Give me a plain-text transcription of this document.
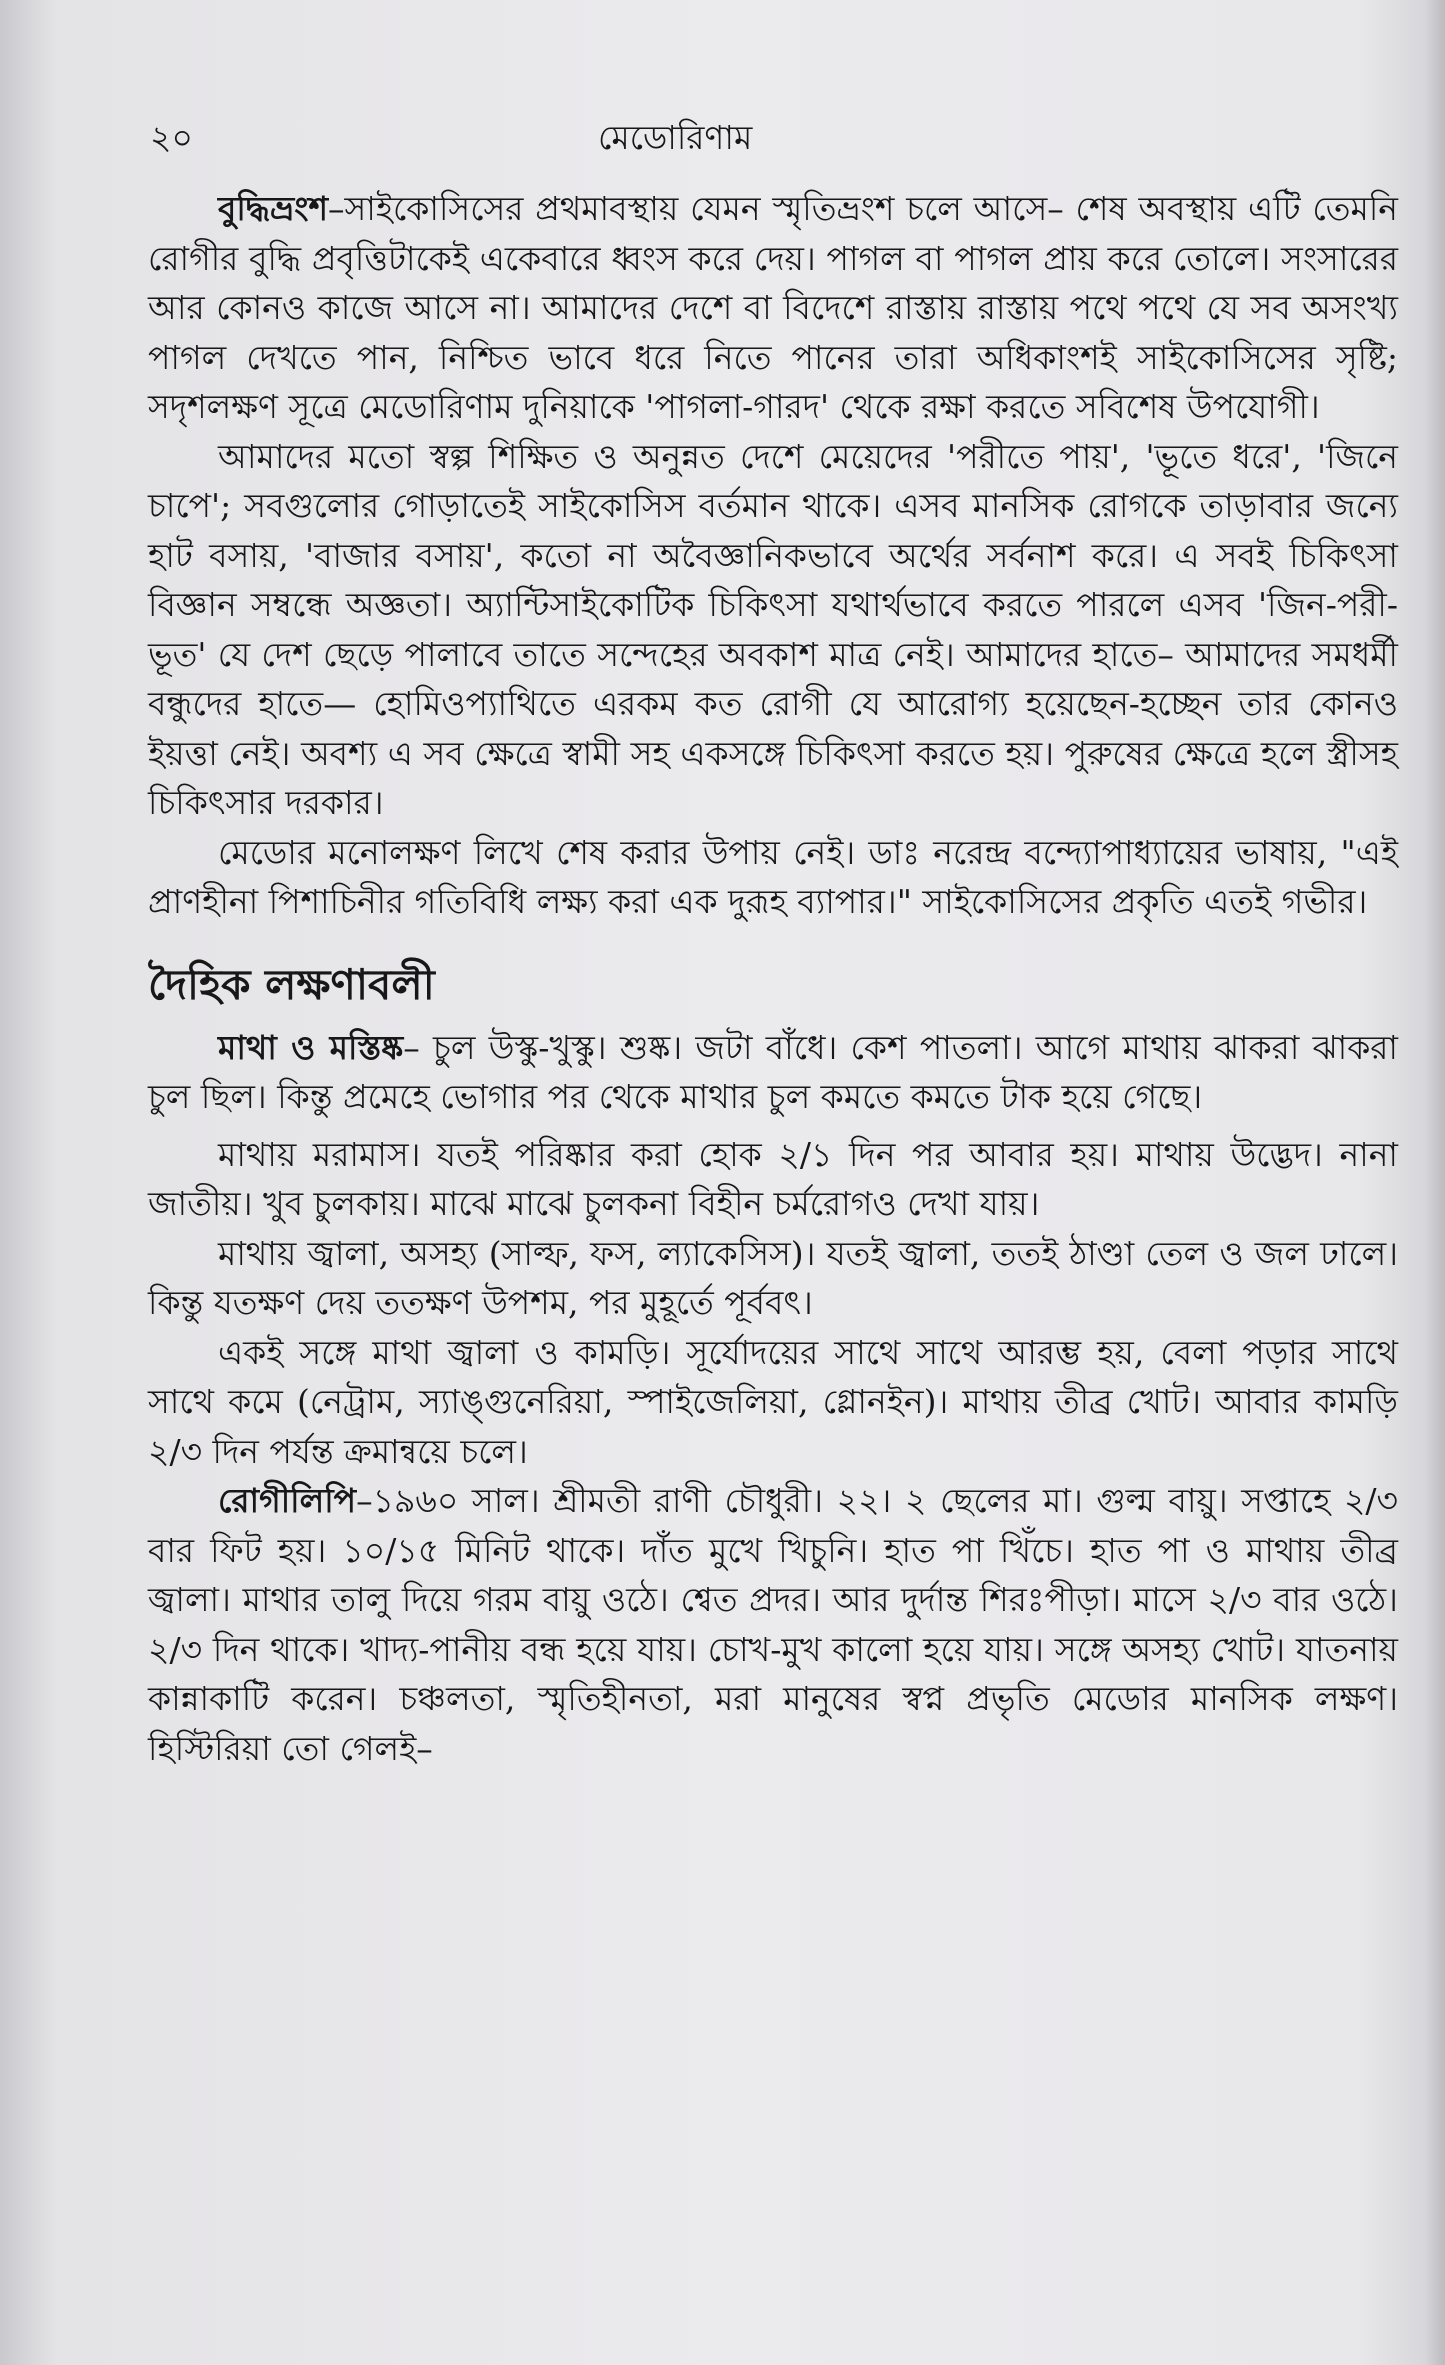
২০	মেডোরিণাম

বুদ্ধিভ্রংশ–সাইকোসিসের প্রথমাবস্থায় যেমন স্মৃতিভ্রংশ চলে আসে– শেষ অবস্থায় এটি তেমনি রোগীর বুদ্ধি প্রবৃত্তিটাকেই একেবারে ধ্বংস করে দেয়। পাগল বা পাগল প্রায় করে তোলে। সংসারের আর কোনও কাজে আসে না। আমাদের দেশে বা বিদেশে রাস্তায় রাস্তায় পথে পথে যে সব অসংখ্য পাগল দেখতে পান, নিশ্চিত ভাবে ধরে নিতে পানের তারা অধিকাংশই সাইকোসিসের সৃষ্টি; সদৃশলক্ষণ সূত্রে মেডোরিণাম দুনিয়াকে 'পাগলা-গারদ' থেকে রক্ষা করতে সবিশেষ উপযোগী।

আমাদের মতো স্বল্প শিক্ষিত ও অনুন্নত দেশে মেয়েদের 'পরীতে পায়', 'ভূতে ধরে', 'জিনে চাপে'; সবগুলোর গোড়াতেই সাইকোসিস বর্তমান থাকে। এসব মানসিক রোগকে তাড়াবার জন্যে হাট বসায়, 'বাজার বসায়', কতো না অবৈজ্ঞানিকভাবে অর্থের সর্বনাশ করে। এ সবই চিকিৎসা বিজ্ঞান সম্বন্ধে অজ্ঞতা। অ্যান্টিসাইকোটিক চিকিৎসা যথার্থভাবে করতে পারলে এসব 'জিন-পরী-ভূত' যে দেশ ছেড়ে পালাবে তাতে সন্দেহের অবকাশ মাত্র নেই। আমাদের হাতে– আমাদের সমধর্মী বন্ধুদের হাতে— হোমিওপ্যাথিতে এরকম কত রোগী যে আরোগ্য হয়েছেন-হচ্ছেন তার কোনও ইয়ত্তা নেই। অবশ্য এ সব ক্ষেত্রে স্বামী সহ একসঙ্গে চিকিৎসা করতে হয়। পুরুষের ক্ষেত্রে হলে স্ত্রীসহ চিকিৎসার দরকার।

মেডোর মনোলক্ষণ লিখে শেষ করার উপায় নেই। ডাঃ নরেন্দ্র বন্দ্যোপাধ্যায়ের ভাষায়, "এই প্রাণহীনা পিশাচিনীর গতিবিধি লক্ষ্য করা এক দুরূহ ব্যাপার।" সাইকোসিসের প্রকৃতি এতই গভীর।

দৈহিক লক্ষণাবলী

মাথা ও মস্তিষ্ক– চুল উস্কু-খুস্কু। শুষ্ক। জটা বাঁধে। কেশ পাতলা। আগে মাথায় ঝাকরা ঝাকরা চুল ছিল। কিন্তু প্রমেহে ভোগার পর থেকে মাথার চুল কমতে কমতে টাক হয়ে গেছে।

মাথায় মরামাস। যতই পরিষ্কার করা হোক ২/১ দিন পর আবার হয়। মাথায় উদ্ভেদ। নানা জাতীয়। খুব চুলকায়। মাঝে মাঝে চুলকনা বিহীন চর্মরোগও দেখা যায়।

মাথায় জ্বালা, অসহ্য (সাল্ফ, ফস, ল্যাকেসিস)। যতই জ্বালা, ততই ঠাণ্ডা তেল ও জল ঢালে। কিন্তু যতক্ষণ দেয় ততক্ষণ উপশম, পর মুহূর্তে পূর্ববৎ।

একই সঙ্গে মাথা জ্বালা ও কামড়ি। সূর্যোদয়ের সাথে সাথে আরম্ভ হয়, বেলা পড়ার সাথে সাথে কমে (নেট্রাম, স্যাঙ্গুনেরিয়া, স্পাইজেলিয়া, গ্লোনইন)। মাথায় তীব্র খোট। আবার কামড়ি ২/৩ দিন পর্যন্ত ক্রমান্বয়ে চলে।

রোগীলিপি–১৯৬০ সাল। শ্রীমতী রাণী চৌধুরী। ২২। ২ ছেলের মা। গুল্ম বায়ু। সপ্তাহে ২/৩ বার ফিট হয়। ১০/১৫ মিনিট থাকে। দাঁত মুখে খিচুনি। হাত পা খিঁচে। হাত পা ও মাথায় তীব্র জ্বালা। মাথার তালু দিয়ে গরম বায়ু ওঠে। শ্বেত প্রদর। আর দুর্দান্ত শিরঃপীড়া। মাসে ২/৩ বার ওঠে। ২/৩ দিন থাকে। খাদ্য-পানীয় বন্ধ হয়ে যায়। চোখ-মুখ কালো হয়ে যায়। সঙ্গে অসহ্য খোট। যাতনায় কান্নাকাটি করেন। চঞ্চলতা, স্মৃতিহীনতা, মরা মানুষের স্বপ্ন প্রভৃতি মেডোর মানসিক লক্ষণ। হিস্টিরিয়া তো গেলই–
